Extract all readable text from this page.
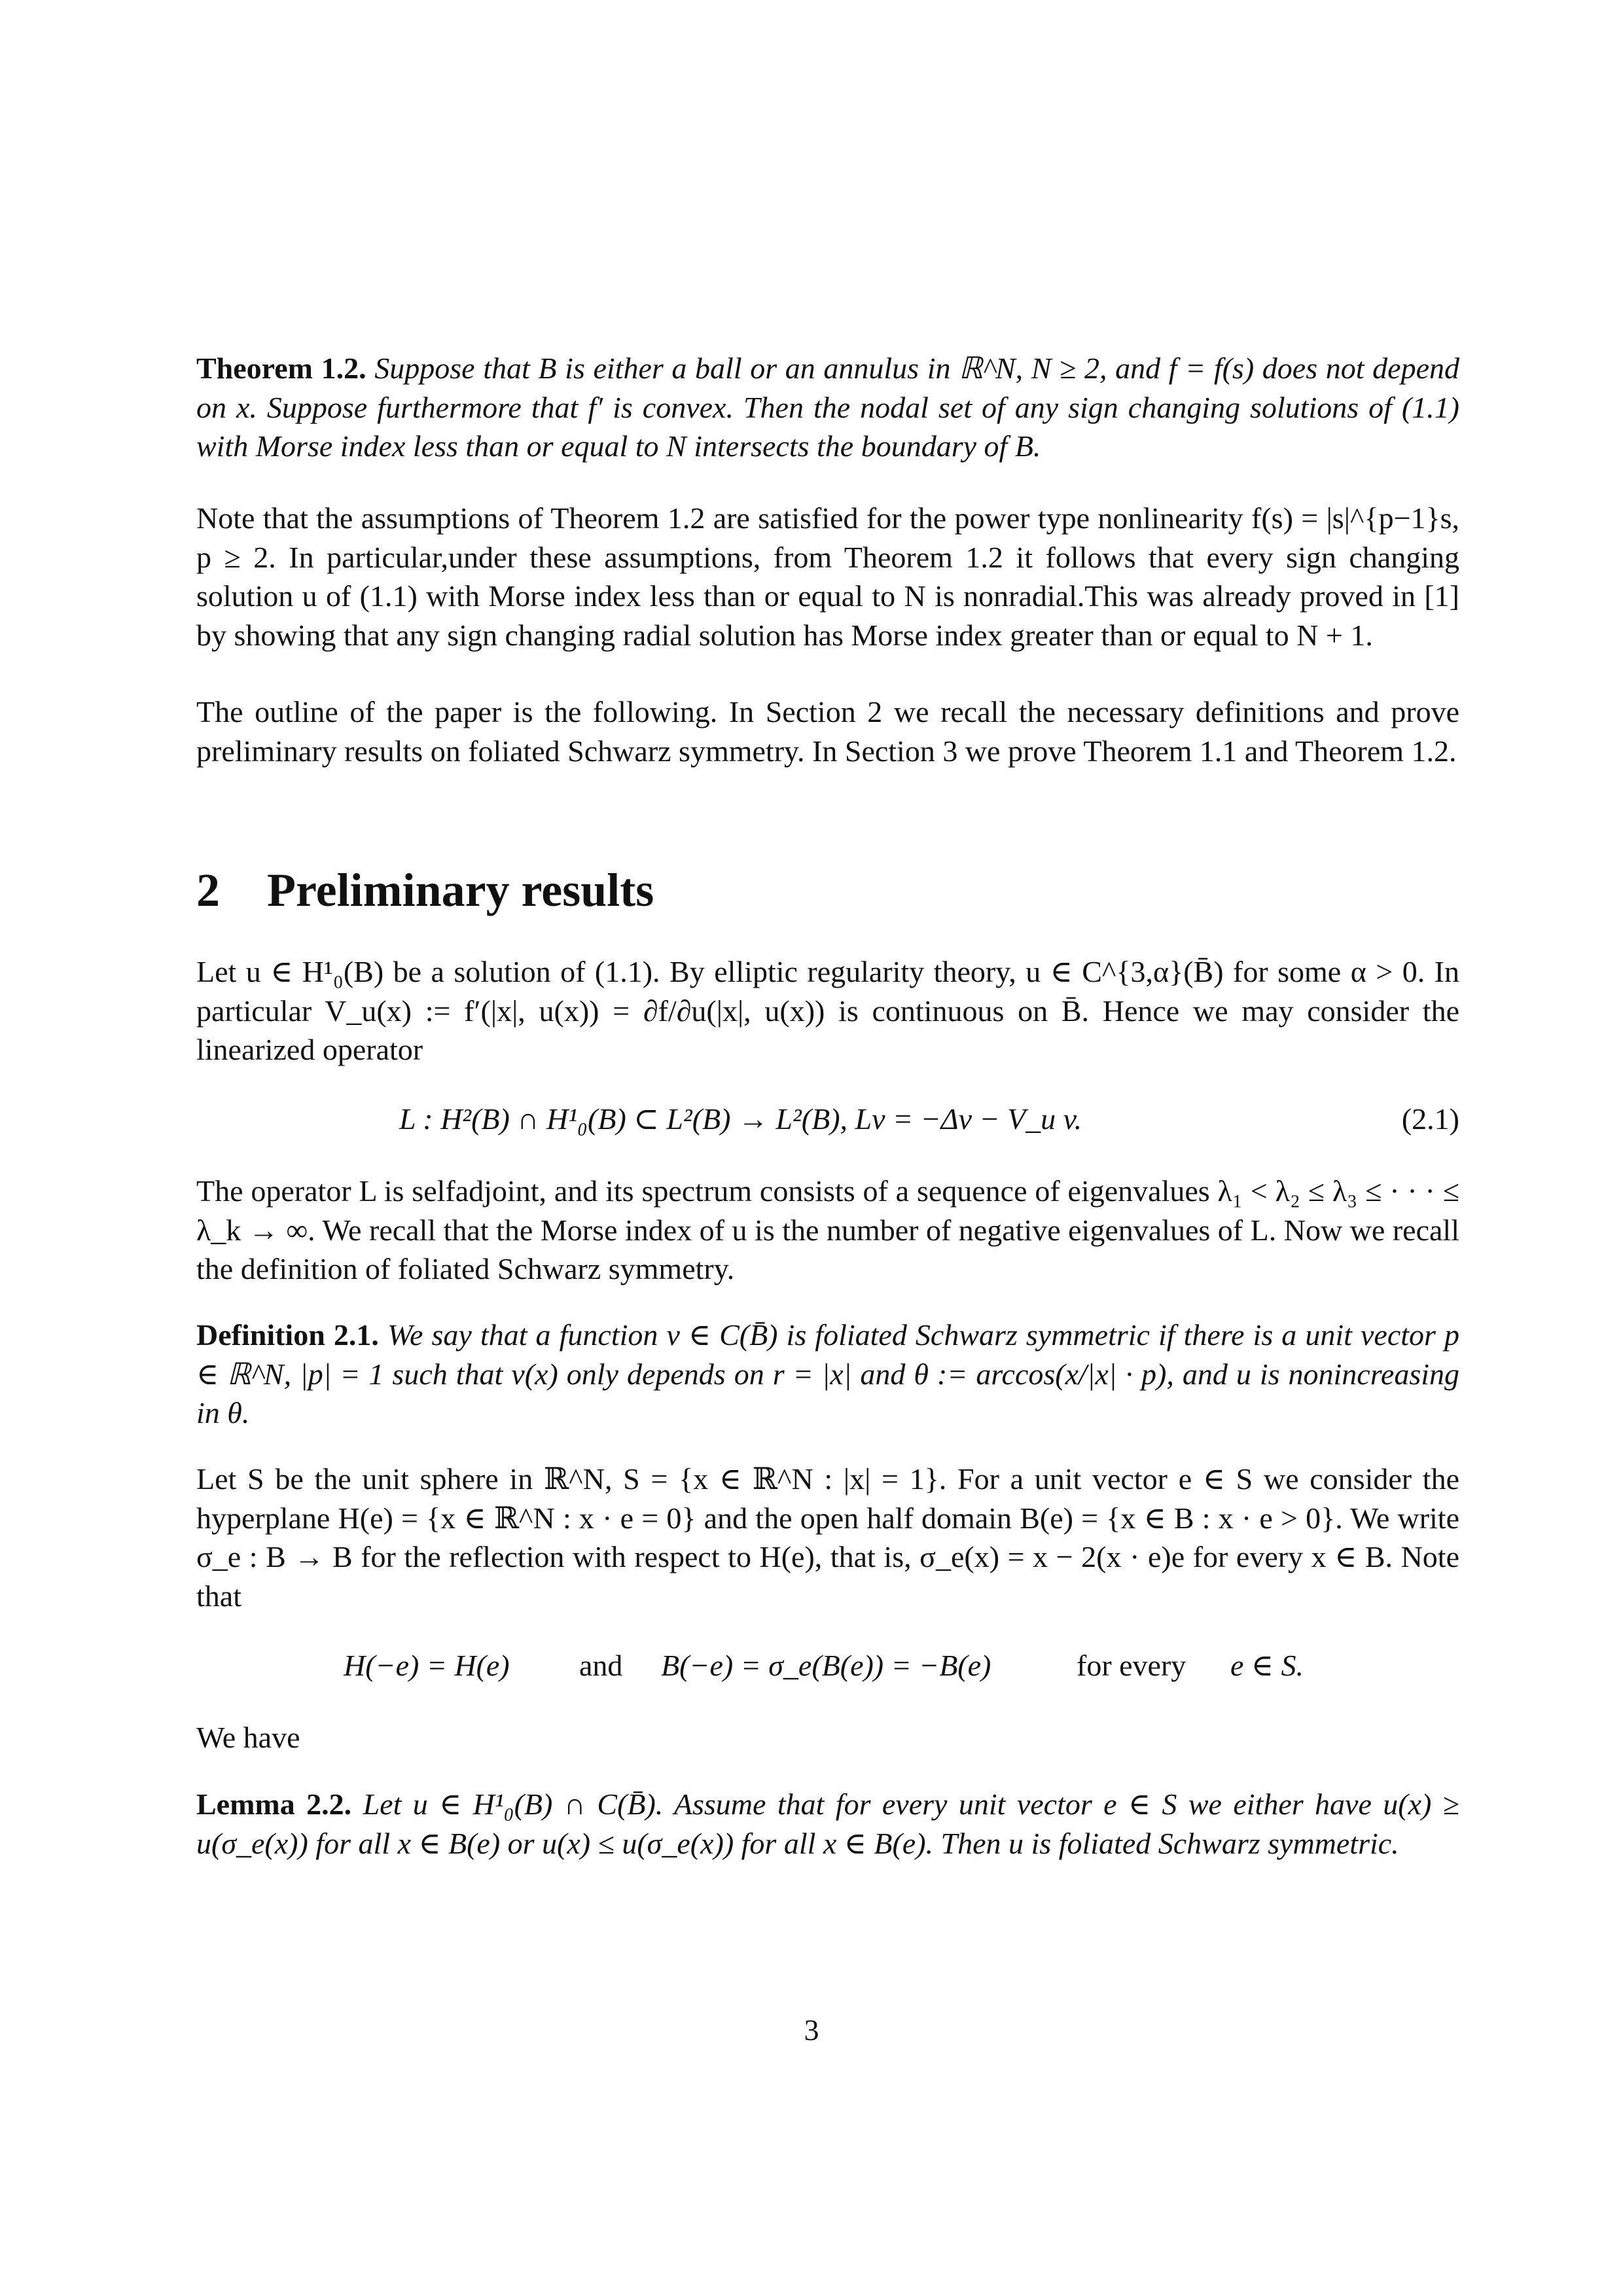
Theorem 1.2. Suppose that B is either a ball or an annulus in ℝ^N, N ≥ 2, and f = f(s) does not depend on x. Suppose furthermore that f′ is convex. Then the nodal set of any sign changing solutions of (1.1) with Morse index less than or equal to N intersects the boundary of B.

Note that the assumptions of Theorem 1.2 are satisfied for the power type nonlinearity f(s) = |s|^{p−1}s, p ≥ 2. In particular,under these assumptions, from Theorem 1.2 it follows that every sign changing solution u of (1.1) with Morse index less than or equal to N is nonradial.This was already proved in [1] by showing that any sign changing radial solution has Morse index greater than or equal to N + 1.

The outline of the paper is the following. In Section 2 we recall the necessary definitions and prove preliminary results on foliated Schwarz symmetry. In Section 3 we prove Theorem 1.1 and Theorem 1.2.

2 Preliminary results

Let u ∈ H¹₀(B) be a solution of (1.1). By elliptic regularity theory, u ∈ C^{3,α}(B̄) for some α > 0. In particular V_u(x) := f′(|x|, u(x)) = ∂f/∂u(|x|, u(x)) is continuous on B̄. Hence we may consider the linearized operator

L : H²(B) ∩ H¹₀(B) ⊂ L²(B) → L²(B), Lv = −Δv − V_u v.	(2.1)

The operator L is selfadjoint, and its spectrum consists of a sequence of eigenvalues λ₁ < λ₂ ≤ λ₃ ≤ · · · ≤ λ_k → ∞. We recall that the Morse index of u is the number of negative eigenvalues of L. Now we recall the definition of foliated Schwarz symmetry.

Definition 2.1. We say that a function v ∈ C(B̄) is foliated Schwarz symmetric if there is a unit vector p ∈ ℝ^N, |p| = 1 such that v(x) only depends on r = |x| and θ := arccos(x/|x| · p), and u is nonincreasing in θ.

Let S be the unit sphere in ℝ^N, S = {x ∈ ℝ^N : |x| = 1}. For a unit vector e ∈ S we consider the hyperplane H(e) = {x ∈ ℝ^N : x · e = 0} and the open half domain B(e) = {x ∈ B : x · e > 0}. We write σ_e : B → B for the reflection with respect to H(e), that is, σ_e(x) = x − 2(x · e)e for every x ∈ B. Note that

H(−e) = H(e) and B(−e) = σ_e(B(e)) = −B(e)	for every e ∈ S.

We have

Lemma 2.2. Let u ∈ H¹₀(B) ∩ C(B̄). Assume that for every unit vector e ∈ S we either have u(x) ≥ u(σ_e(x)) for all x ∈ B(e) or u(x) ≤ u(σ_e(x)) for all x ∈ B(e). Then u is foliated Schwarz symmetric.

3
